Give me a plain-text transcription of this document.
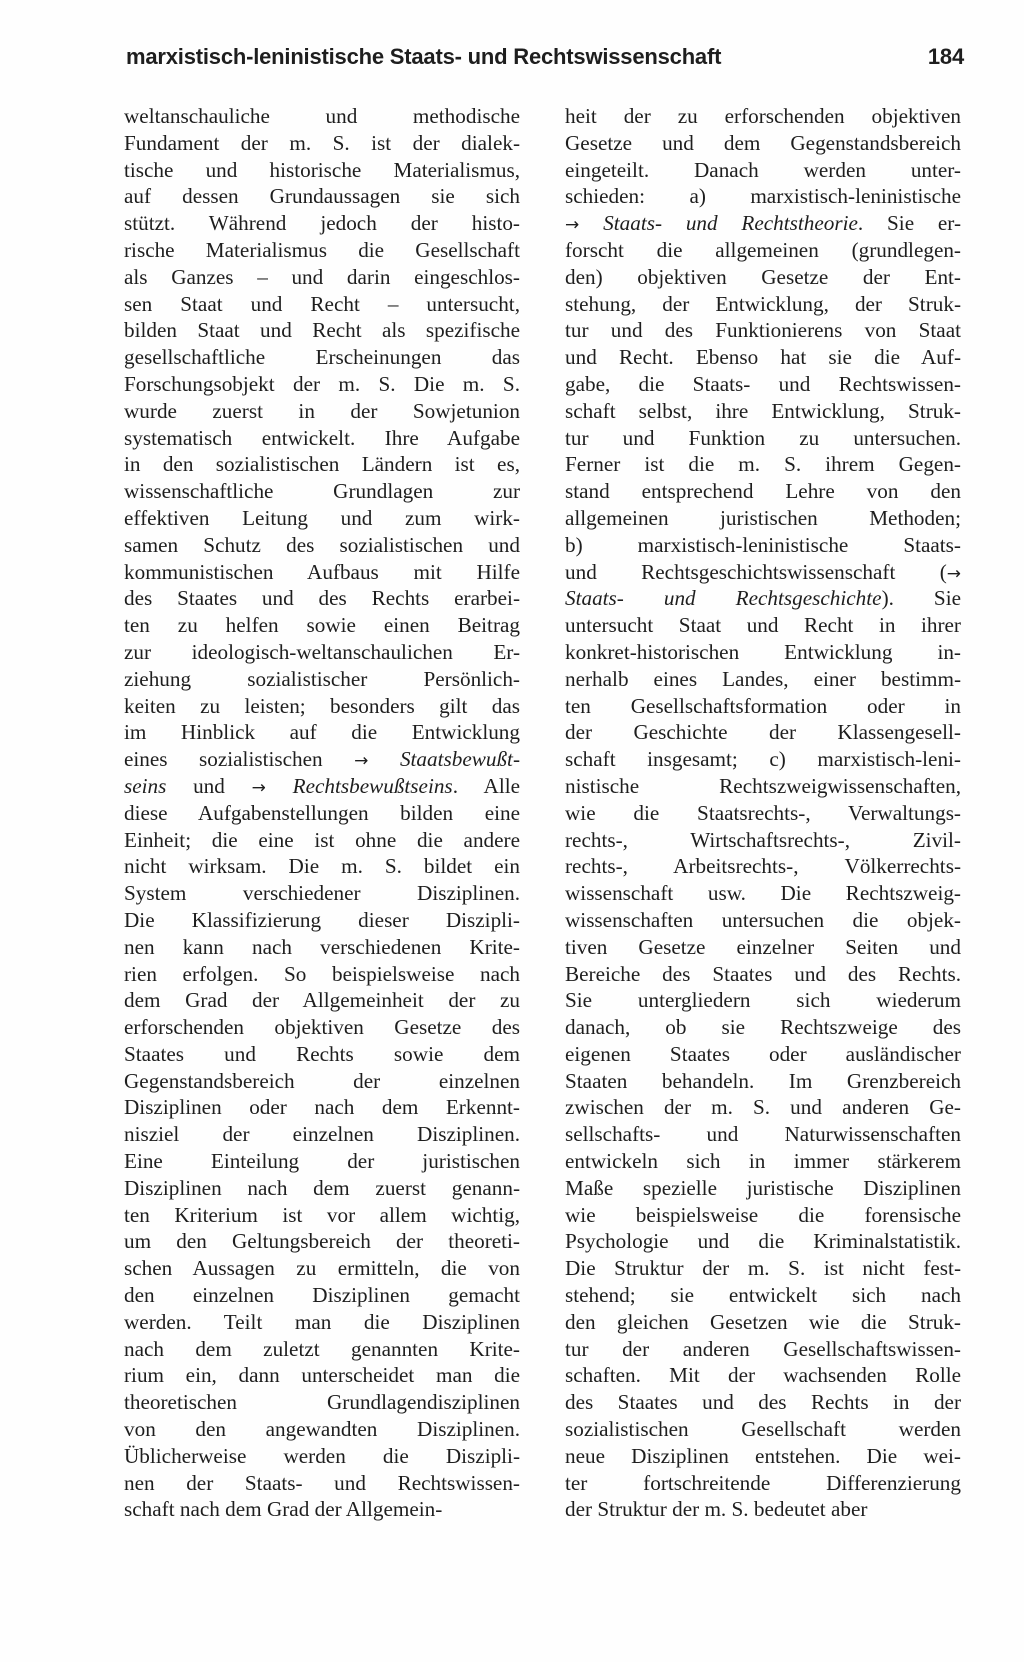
marxistisch-leninistische Staats- und Rechtswissenschaft	184
weltanschauliche und methodische
Fundament der m. S. ist der dialek-
tische und historische Materialismus,
auf dessen Grundaussagen sie sich
stützt. Während jedoch der histo-
rische Materialismus die Gesellschaft
als Ganzes – und darin eingeschlos-
sen Staat und Recht – untersucht,
bilden Staat und Recht als spezifische
gesellschaftliche Erscheinungen das
Forschungsobjekt der m. S. Die m. S.
wurde zuerst in der Sowjetunion
systematisch entwickelt. Ihre Aufgabe
in den sozialistischen Ländern ist es,
wissenschaftliche Grundlagen zur
effektiven Leitung und zum wirk-
samen Schutz des sozialistischen und
kommunistischen Aufbaus mit Hilfe
des Staates und des Rechts erarbei-
ten zu helfen sowie einen Beitrag
zur ideologisch-weltanschaulichen Er-
ziehung sozialistischer Persönlich-
keiten zu leisten; besonders gilt das
im Hinblick auf die Entwicklung
eines sozialistischen → Staatsbewußt-
seins und → Rechtsbewußtseins. Alle
diese Aufgabenstellungen bilden eine
Einheit; die eine ist ohne die andere
nicht wirksam. Die m. S. bildet ein
System verschiedener Disziplinen.
Die Klassifizierung dieser Diszipli-
nen kann nach verschiedenen Krite-
rien erfolgen. So beispielsweise nach
dem Grad der Allgemeinheit der zu
erforschenden objektiven Gesetze des
Staates und Rechts sowie dem
Gegenstandsbereich der einzelnen
Disziplinen oder nach dem Erkennt-
nisziel der einzelnen Disziplinen.
Eine Einteilung der juristischen
Disziplinen nach dem zuerst genann-
ten Kriterium ist vor allem wichtig,
um den Geltungsbereich der theoreti-
schen Aussagen zu ermitteln, die von
den einzelnen Disziplinen gemacht
werden. Teilt man die Disziplinen
nach dem zuletzt genannten Krite-
rium ein, dann unterscheidet man die
theoretischen Grundlagendisziplinen
von den angewandten Disziplinen.
Üblicherweise werden die Diszipli-
nen der Staats- und Rechtswissen-
schaft nach dem Grad der Allgemein-
heit der zu erforschenden objektiven
Gesetze und dem Gegenstandsbereich
eingeteilt. Danach werden unter-
schieden: a) marxistisch-leninistische
→ Staats- und Rechtstheorie. Sie er-
forscht die allgemeinen (grundlegen-
den) objektiven Gesetze der Ent-
stehung, der Entwicklung, der Struk-
tur und des Funktionierens von Staat
und Recht. Ebenso hat sie die Auf-
gabe, die Staats- und Rechtswissen-
schaft selbst, ihre Entwicklung, Struk-
tur und Funktion zu untersuchen.
Ferner ist die m. S. ihrem Gegen-
stand entsprechend Lehre von den
allgemeinen juristischen Methoden;
b) marxistisch-leninistische Staats-
und Rechtsgeschichtswissenschaft (→
Staats- und Rechtsgeschichte). Sie
untersucht Staat und Recht in ihrer
konkret-historischen Entwicklung in-
nerhalb eines Landes, einer bestimm-
ten Gesellschaftsformation oder in
der Geschichte der Klassengesell-
schaft insgesamt; c) marxistisch-leni-
nistische Rechtszweigwissenschaften,
wie die Staatsrechts-, Verwaltungs-
rechts-, Wirtschaftsrechts-, Zivil-
rechts-, Arbeitsrechts-, Völkerrechts-
wissenschaft usw. Die Rechtszweig-
wissenschaften untersuchen die objek-
tiven Gesetze einzelner Seiten und
Bereiche des Staates und des Rechts.
Sie untergliedern sich wiederum
danach, ob sie Rechtszweige des
eigenen Staates oder ausländischer
Staaten behandeln. Im Grenzbereich
zwischen der m. S. und anderen Ge-
sellschafts- und Naturwissenschaften
entwickeln sich in immer stärkerem
Maße spezielle juristische Disziplinen
wie beispielsweise die forensische
Psychologie und die Kriminalstatistik.
Die Struktur der m. S. ist nicht fest-
stehend; sie entwickelt sich nach
den gleichen Gesetzen wie die Struk-
tur der anderen Gesellschaftswissen-
schaften. Mit der wachsenden Rolle
des Staates und des Rechts in der
sozialistischen Gesellschaft werden
neue Disziplinen entstehen. Die wei-
ter fortschreitende Differenzierung
der Struktur der m. S. bedeutet aber
